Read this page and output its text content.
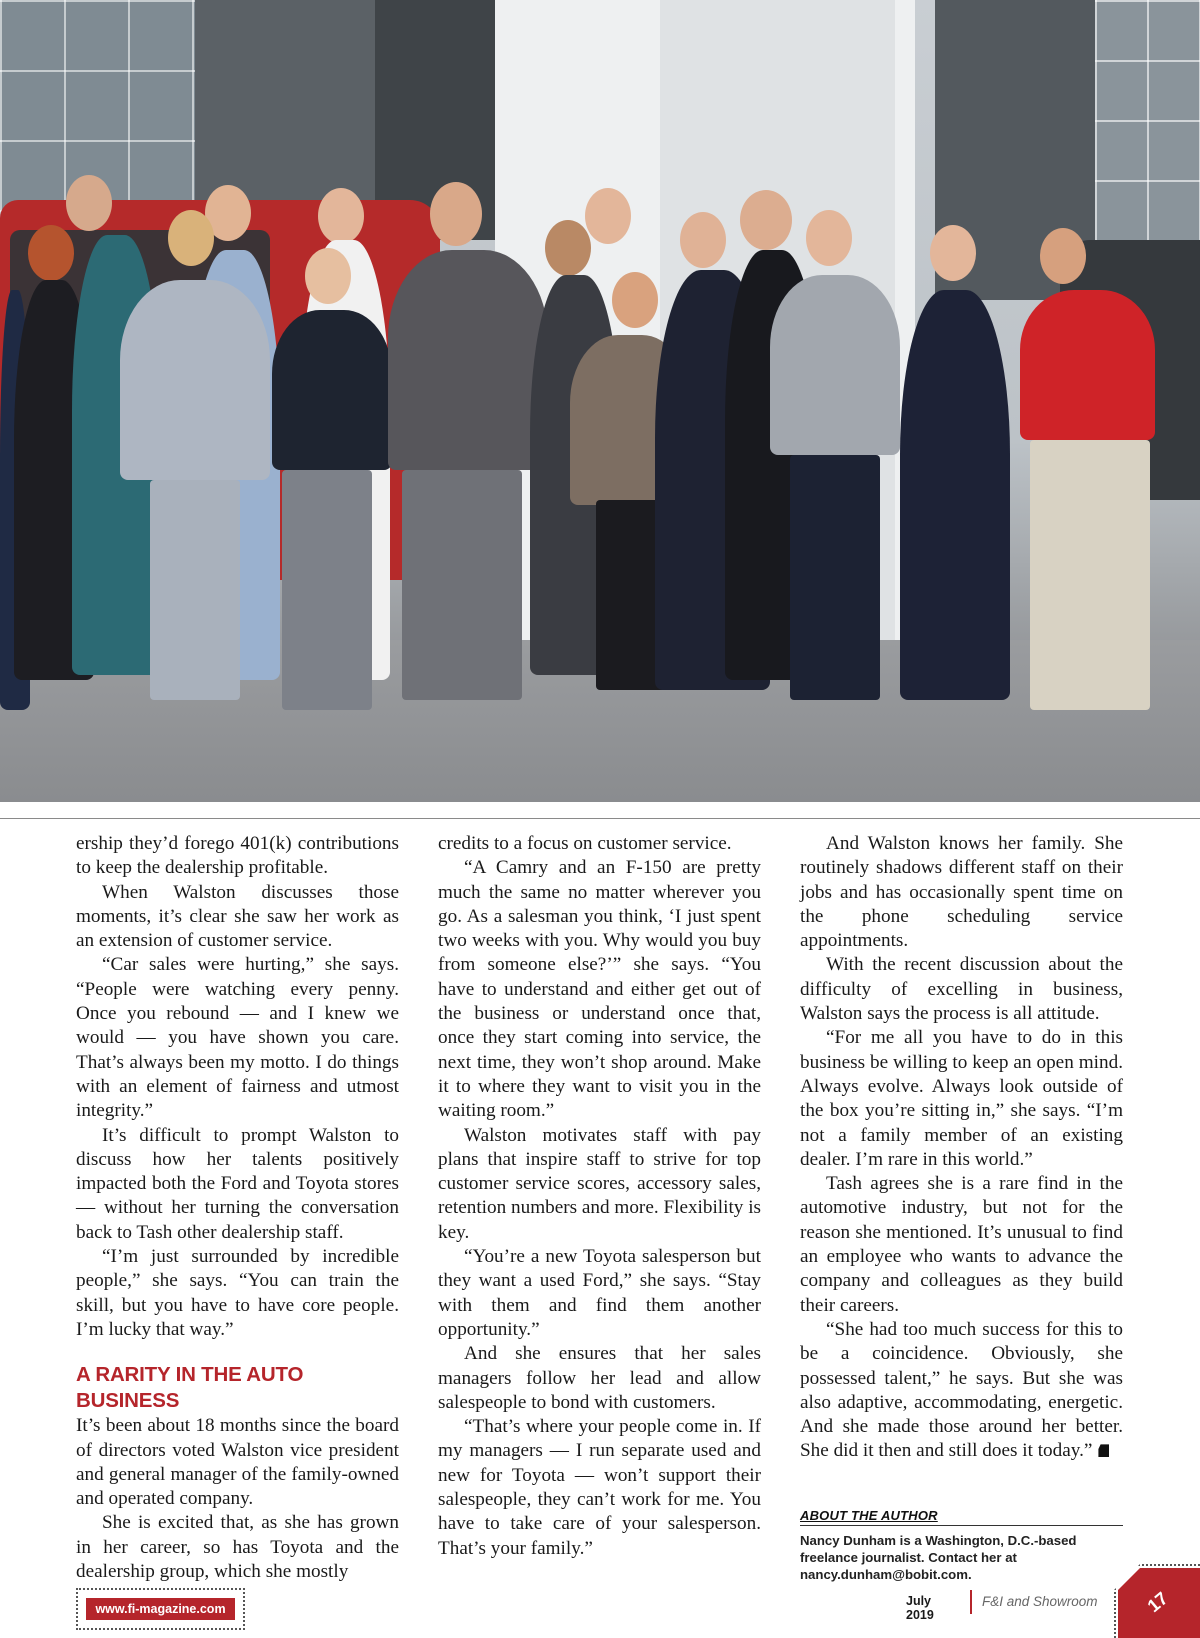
ership they’d forego 401(k) contributions to keep the dealership profitable.

When Walston discusses those moments, it’s clear she saw her work as an extension of customer service.

“Car sales were hurting,” she says. “People were watching every penny. Once you rebound — and I knew we would — you have shown you care. That’s always been my motto. I do things with an element of fairness and utmost integrity.”

It’s difficult to prompt Walston to discuss how her talents positively impacted both the Ford and Toyota stores — without her turning the conversation back to Tash other dealership staff.

“I’m just surrounded by incredible people,” she says. “You can train the skill, but you have to have core people. I’m lucky that way.”

A RARITY IN THE AUTO BUSINESS

It’s been about 18 months since the board of directors voted Walston vice president and general manager of the family-owned and operated company.

She is excited that, as she has grown in her career, so has Toyota and the dealership group, which she mostly

credits to a focus on customer service.

“A Camry and an F-150 are pretty much the same no matter wherever you go. As a salesman you think, ‘I just spent two weeks with you. Why would you buy from someone else?’” she says. “You have to understand and either get out of the business or understand once that, once they start coming into service, the next time, they won’t shop around. Make it to where they want to visit you in the waiting room.”

Walston motivates staff with pay plans that inspire staff to strive for top customer service scores, accessory sales, retention numbers and more. Flexibility is key.

“You’re a new Toyota salesperson but they want a used Ford,” she says. “Stay with them and find them another opportunity.”

And she ensures that her sales managers follow her lead and allow salespeople to bond with customers.

“That’s where your people come in. If my managers — I run separate used and new for Toyota — won’t support their salespeople, they can’t work for me. You have to take care of your salesperson. That’s your family.”

And Walston knows her family. She routinely shadows different staff on their jobs and has occasionally spent time on the phone scheduling service appointments.

With the recent discussion about the difficulty of excelling in business, Walston says the process is all attitude.

“For me all you have to do in this business be willing to keep an open mind. Always evolve. Always look outside of the box you’re sitting in,” she says. “I’m not a family member of an existing dealer. I’m rare in this world.”

Tash agrees she is a rare find in the automotive industry, but not for the reason she mentioned. It’s unusual to find an employee who wants to advance the company and colleagues as they build their careers.

“She had too much success for this to be a coincidence. Obviously, she possessed talent,” he says. But she was also adaptive, accommodating, energetic. And she made those around her better. She did it then and still does it today.”

ABOUT THE AUTHOR
Nancy Dunham is a Washington, D.C.-based freelance journalist. Contact her at nancy.dunham@bobit.com.
www.fi-magazine.com
July 2019
F&I and Showroom	17
